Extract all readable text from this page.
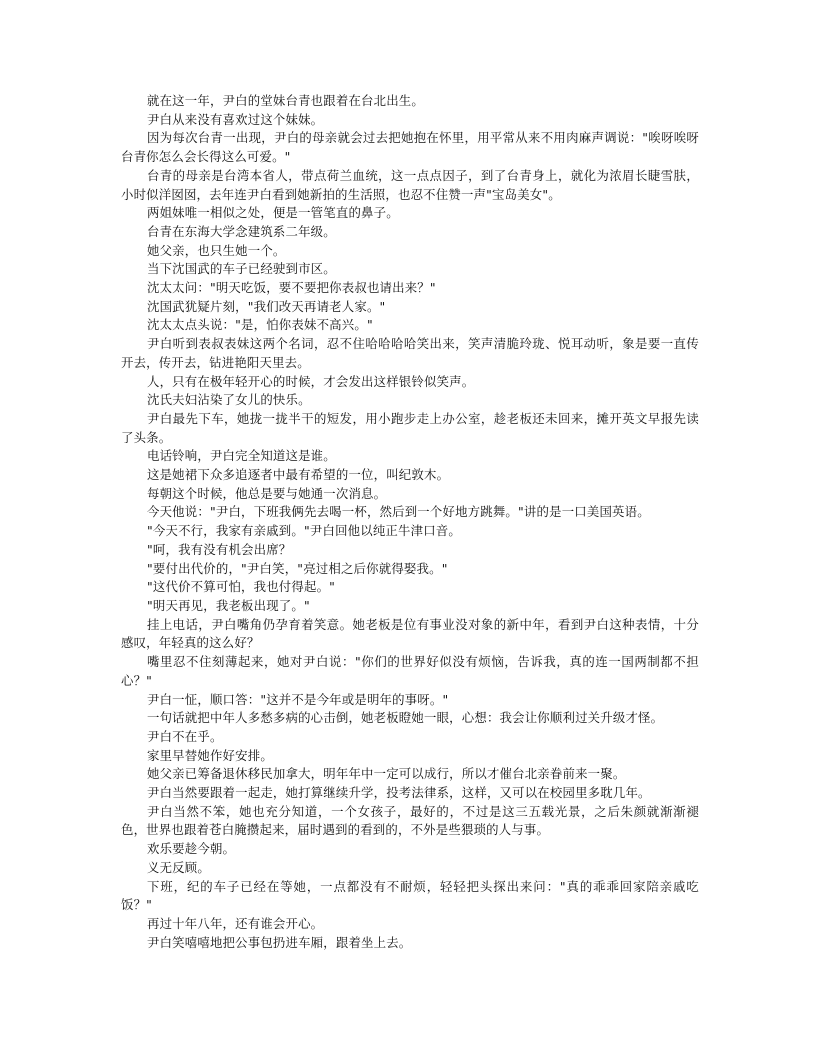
就在这一年，尹白的堂妹台青也跟着在台北出生。

尹白从来没有喜欢过这个妹妹。

因为每次台青一出现，尹白的母亲就会过去把她抱在怀里，用平常从来不用肉麻声调说："唉呀唉呀台青你怎么会长得这么可爱。"

台青的母亲是台湾本省人，带点荷兰血统，这一点点因子，到了台青身上，就化为浓眉长睫雪肤，小时似洋囡囡，去年连尹白看到她新拍的生活照，也忍不住赞一声"宝岛美女"。

两姐妹唯一相似之处，便是一管笔直的鼻子。

台青在东海大学念建筑系二年级。

她父亲，也只生她一个。

当下沈国武的车子已经驶到市区。

沈太太问："明天吃饭，要不要把你表叔也请出来？"

沈国武犹疑片刻，"我们改天再请老人家。"

沈太太点头说："是，怕你表妹不高兴。"

尹白听到表叔表妹这两个名词，忍不住哈哈哈哈笑出来，笑声清脆玲珑、悦耳动听，象是要一直传开去，传开去，钻进艳阳天里去。

人，只有在极年轻开心的时候，才会发出这样银铃似笑声。

沈氏夫妇沾染了女儿的快乐。

尹白最先下车，她拢一拢半干的短发，用小跑步走上办公室，趁老板还未回来，摊开英文早报先读了头条。

电话铃响，尹白完全知道这是谁。

这是她裙下众多追逐者中最有希望的一位，叫纪敦木。

每朝这个时候，他总是要与她通一次消息。

今天他说："尹白，下班我俩先去喝一杯，然后到一个好地方跳舞。"讲的是一口美国英语。

"今天不行，我家有亲戚到。"尹白回他以纯正牛津口音。

"呵，我有没有机会出席？

"要付出代价的，"尹白笑，"亮过相之后你就得娶我。"

"这代价不算可怕，我也付得起。"

"明天再见，我老板出现了。"

挂上电话，尹白嘴角仍孕育着笑意。她老板是位有事业没对象的新中年，看到尹白这种表情，十分感叹，年轻真的这么好？

嘴里忍不住刻薄起来，她对尹白说："你们的世界好似没有烦恼，告诉我，真的连一国两制都不担心？"

尹白一怔，顺口答："这并不是今年或是明年的事呀。"

一句话就把中年人多愁多病的心击倒，她老板瞪她一眼，心想：我会让你顺利过关升级才怪。

尹白不在乎。

家里早替她作好安排。

她父亲已筹备退休移民加拿大，明年年中一定可以成行，所以才催台北亲眷前来一聚。

尹白当然要跟着一起走，她打算继续升学，投考法律系，这样，又可以在校园里多耽几年。

尹白当然不笨，她也充分知道，一个女孩子，最好的，不过是这三五载光景，之后朱颜就渐渐褪色，世界也跟着苍白腌攒起来，届时遇到的看到的，不外是些猥琐的人与事。

欢乐要趁今朝。

义无反顾。

下班，纪的车子已经在等她，一点都没有不耐烦，轻轻把头探出来问："真的乖乖回家陪亲戚吃饭？"

再过十年八年，还有谁会开心。

尹白笑嘻嘻地把公事包扔进车厢，跟着坐上去。
